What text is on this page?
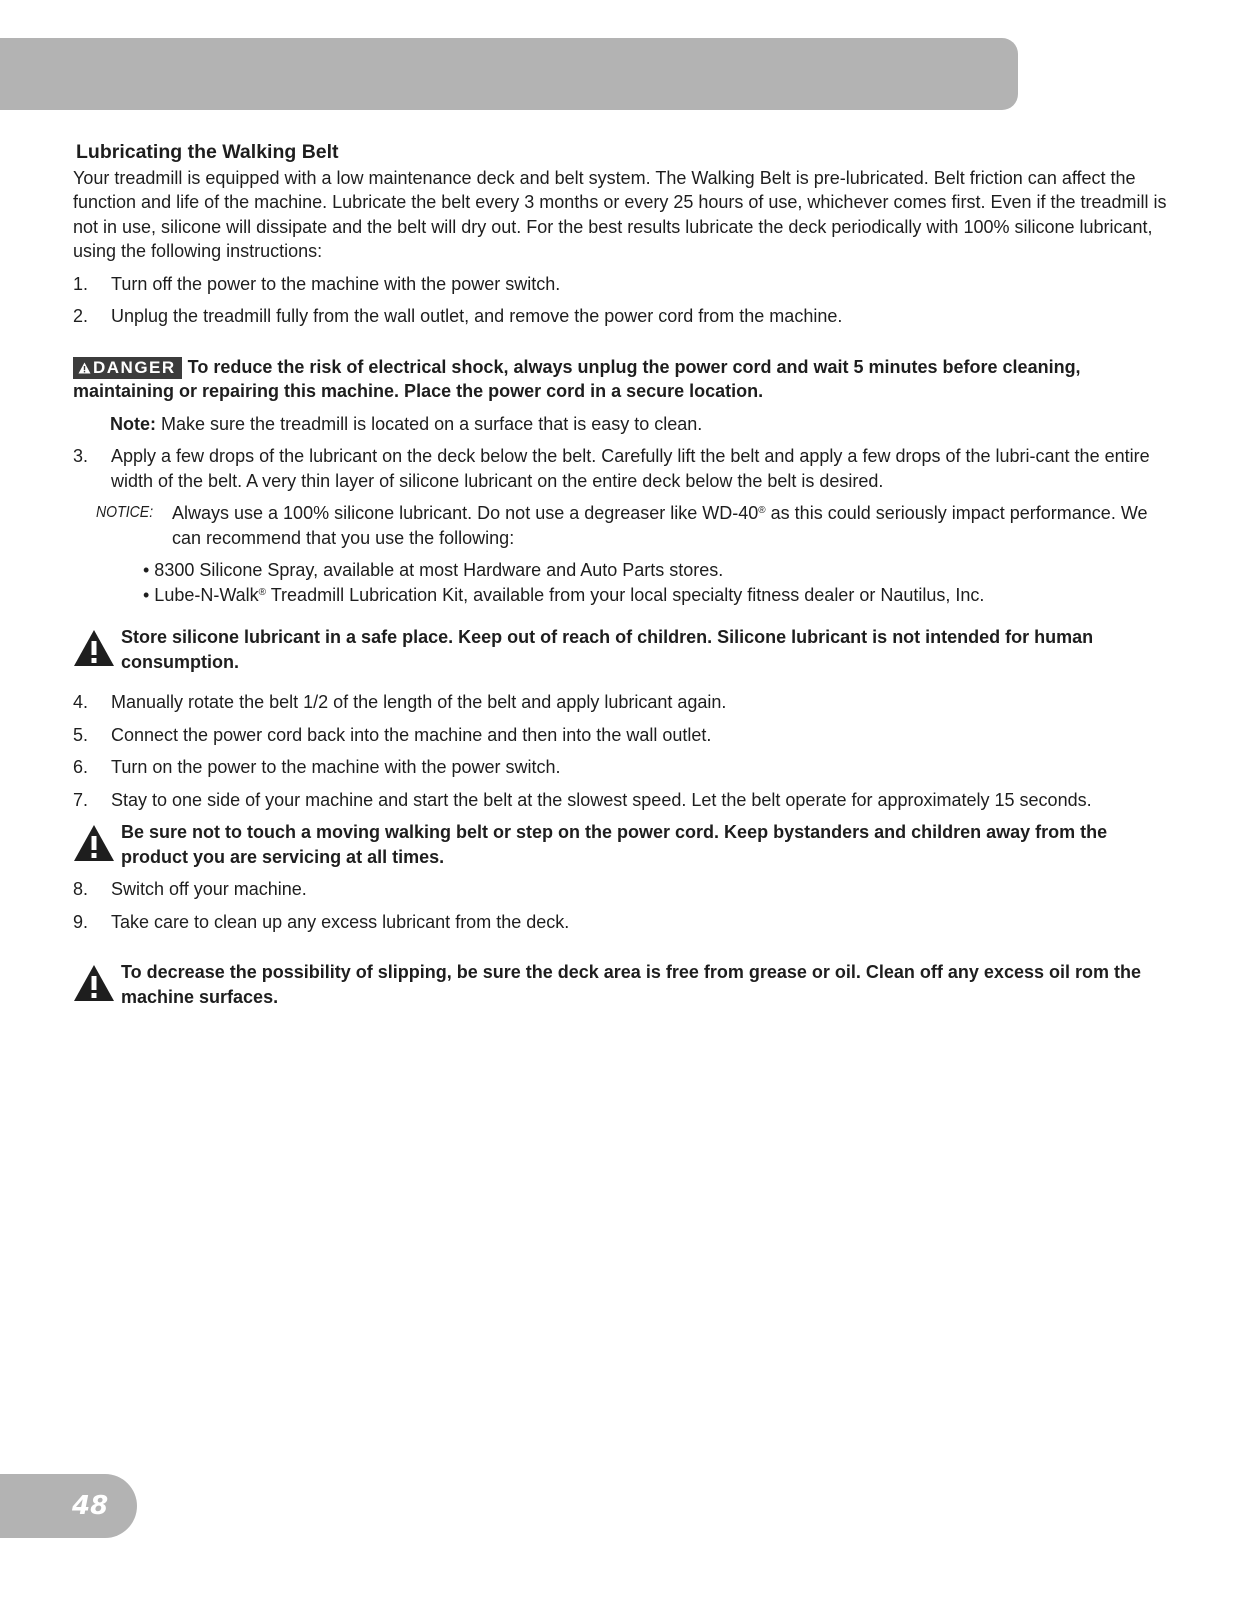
Lubricating the Walking Belt

Your treadmill is equipped with a low maintenance deck and belt system. The Walking Belt is pre-lubricated. Belt friction can affect the function and life of the machine. Lubricate the belt every 3 months or every 25 hours of use, whichever comes first. Even if the treadmill is not in use, silicone will dissipate and the belt will dry out. For the best results lubricate the deck periodically with 100% silicone lubricant, using the following instructions:

1.	Turn off the power to the machine with the power switch.
2.	Unplug the treadmill fully from the wall outlet, and remove the power cord from the machine.
DANGER To reduce the risk of electrical shock, always unplug the power cord and wait 5 minutes before cleaning, maintaining or repairing this machine. Place the power cord in a secure location.
Note: Make sure the treadmill is located on a surface that is easy to clean.
3.	Apply a few drops of the lubricant on the deck below the belt. Carefully lift the belt and apply a few drops of the lubri-cant the entire width of the belt. A very thin layer of silicone lubricant on the entire deck below the belt is desired.
NOTICE:	Always use a 100% silicone lubricant. Do not use a degreaser like WD-40® as this could seriously impact performance. We can recommend that you use the following:
• 8300 Silicone Spray, available at most Hardware and Auto Parts stores.
• Lube-N-Walk® Treadmill Lubrication Kit, available from your local specialty fitness dealer or Nautilus, Inc.
Store silicone lubricant in a safe place. Keep out of reach of children. Silicone lubricant is not intended for human consumption.
4.	Manually rotate the belt 1/2 of the length of the belt and apply lubricant again.
5.	Connect the power cord back into the machine and then into the wall outlet.
6.	Turn on the power to the machine with the power switch.
7.	Stay to one side of your machine and start the belt at the slowest speed. Let the belt operate for approximately 15 seconds.
Be sure not to touch a moving walking belt or step on the power cord. Keep bystanders and children away from the product you are servicing at all times.
8.	Switch off your machine.
9.	Take care to clean up any excess lubricant from the deck.
To decrease the possibility of slipping, be sure the deck area is free from grease or oil. Clean off any excess oil rom the machine surfaces.
48
